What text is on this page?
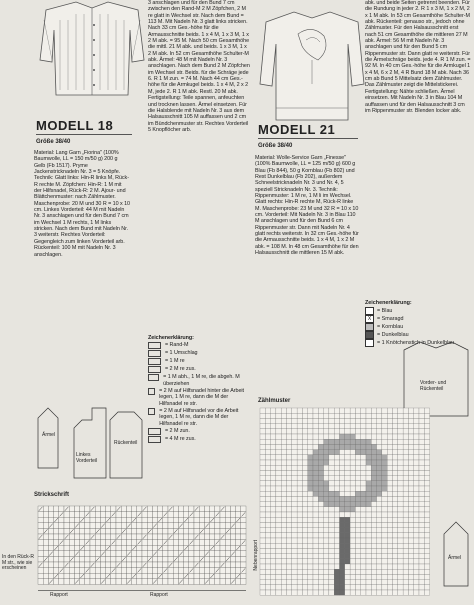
MODELL 18
Größe 38/40
MODELL 21
Größe 38/40

Material: Lang Garn „Fiorina" (100% Baumwolle, LL = 150 m/50 g) 200 g Gelb (Fb 1517). Pryme Jackenstricknadeln Nr. 3 = 5 Knöpfe. Technik: Glatt links: Hin-R links M, Rück-R rechte M. Zöpfchen: Hin-R: 1 M mit der Hilfsnadel, Rück-R: 2 M. Ajour- und Blättchenmuster: nach Zählmuster. Maschenprobe: 20 M und 30 R = 10 x 10 cm. Linkes Vorderteil: 44 M mit Nadeln Nr. 3 anschlagen und für den Bund 7 cm im Wechsel 1 M rechts, 1 M links stricken. Nach dem Bund mit Nadeln Nr. 3 weiterstr. Rechtes Vorderteil: Gegengleich zum linken Vorderteil arb. Rückenteil: 100 M mit Nadeln Nr. 3 anschlagen.

3 anschlagen und für den Bund 7 cm zwischen den Rand-M 2 M Zöpfchen, 2 M re glatt in Wechsel str. Nach dem Bund = 113 M. Mit Nadeln Nr. 3 glatt links stricken. Nach 33 cm Ges.-höhe für die Armausschnitte beids. 1 x 4 M, 1 x 3 M, 1 x 2 M abk. = 95 M. Nach 50 cm Gesamthöhe die mittl. 21 M abk. und beids. 1 x 3 M, 1 x 2 M abk. In 52 cm Gesamthöhe Schulter-M abk. Ärmel: 48 M mit Nadeln Nr. 3 anschlagen. Nach dem Bund 2 M Zöpfchen im Wechsel str. Beids. für die Schräge jede 6. R 1 M zun. = 74 M. Nach 44 cm Ges.-höhe für die Armkugel beids. 1 x 4 M, 2 x 2 M, jede 2. R 1 M abk. Restl. 20 M abk. Fertigstellung: Teile spannen, anfeuchten und trocknen lassen. Ärmel einsetzen. Für die Halsblende mit Nadeln Nr. 3 aus dem Halsausschnitt 105 M auffassen und 2 cm im Bündchenmuster str. Rechtes Vorderteil 5 Knopflöcher arb.

Material: Wolle-Service Garn „Finesse" (100% Baumwolle, LL = 125 m/50 g) 600 g Blau (Fb 844), 50 g Kornblau (Fb 802) und Rest Dunkelblau (Fb 202), außerdem Schneelstricknadeln Nr. 3 und Nr. 4, 5 speziell Stricknadeln Nr. 3. Technik: Rippenmuster: 1 M re, 1 M li im Wechsel. Glatt rechts: Hin-R rechte M, Rück-R linke M. Maschenprobe: 23 M und 32 R = 10 x 10 cm. Vorderteil: Mit Nadeln Nr. 3 in Blau 110 M anschlagen und für den Bund 6 cm Rippenmuster str. Dann mit Nadeln Nr. 4 glatt rechts weiterstr. In 32 cm Ges.-höhe für die Armausschnitte beids. 1 x 4 M, 1 x 2 M abk. = 108 M. In 48 cm Gesamthöhe für den Halsausschnitt die mittleren 15 M abk.

abk. und beide Seiten getrennt beenden. Für die Rundung in jeder 2. R 1 x 3 M, 1 x 2 M, 2 x 1 M abk. In 53 cm Gesamthöhe Schulter-M abk. Rückenteil: genauso str., jedoch ohne Zählmuster. Für den Halsausschnitt erst nach 51 cm Gesamthöhe die mittleren 27 M abk. Ärmel: 56 M mit Nadeln Nr. 3 anschlagen und für den Bund 5 cm Rippenmuster str. Dann glatt re weiterstr. Für die Ärmelschräge beids. jede 4. R 1 M zun. = 92 M. In 40 cm Ges.-höhe für die Armkugel 1 x 4 M, 6 x 2 M, 4 R Bund 18 M abk. Nach 36 cm ab Bund 5 Mittelsatz dem Zählmuster. Das Zählmuster zeigt die Mittelstickerei. Fertigstellung: Nähte schließen. Ärmel einsetzen. Mit Nadeln Nr. 3 in Blau 104 M auffassen und für den Halsausschnitt 3 cm im Rippenmuster str. Blenden locker abk.

Zeichenerklärung:

= Rand-M
= 1 Umschlag
= 1 M re
= 2 M re zus.
= 1 M abh., 1 M re, die abgeh. M überziehen
= 2 M auf Hilfsnadel hinter die Arbeit legen, 1 M re, dann die M der Hilfsnadel re str.
= 2 M auf Hilfsnadel vor die Arbeit legen, 1 M re, dann die M der Hilfsnadel re str.
= 2 M zun.
= 4 M re zus.
Ärmel
Linkes Vorderteil
Rückenteil
Strickschrift
In den Rück-R M str., wie sie erscheinen
Rapport	Rapport
Nebenrapport
Zeichenerklärung:
= Blau
X	= Smaragd
= Kornblau
= Dunkelblau
= 1 Knötchenstich in Dunkelblau
Vorder- und Rückenteil
Ärmel
Zählmuster
